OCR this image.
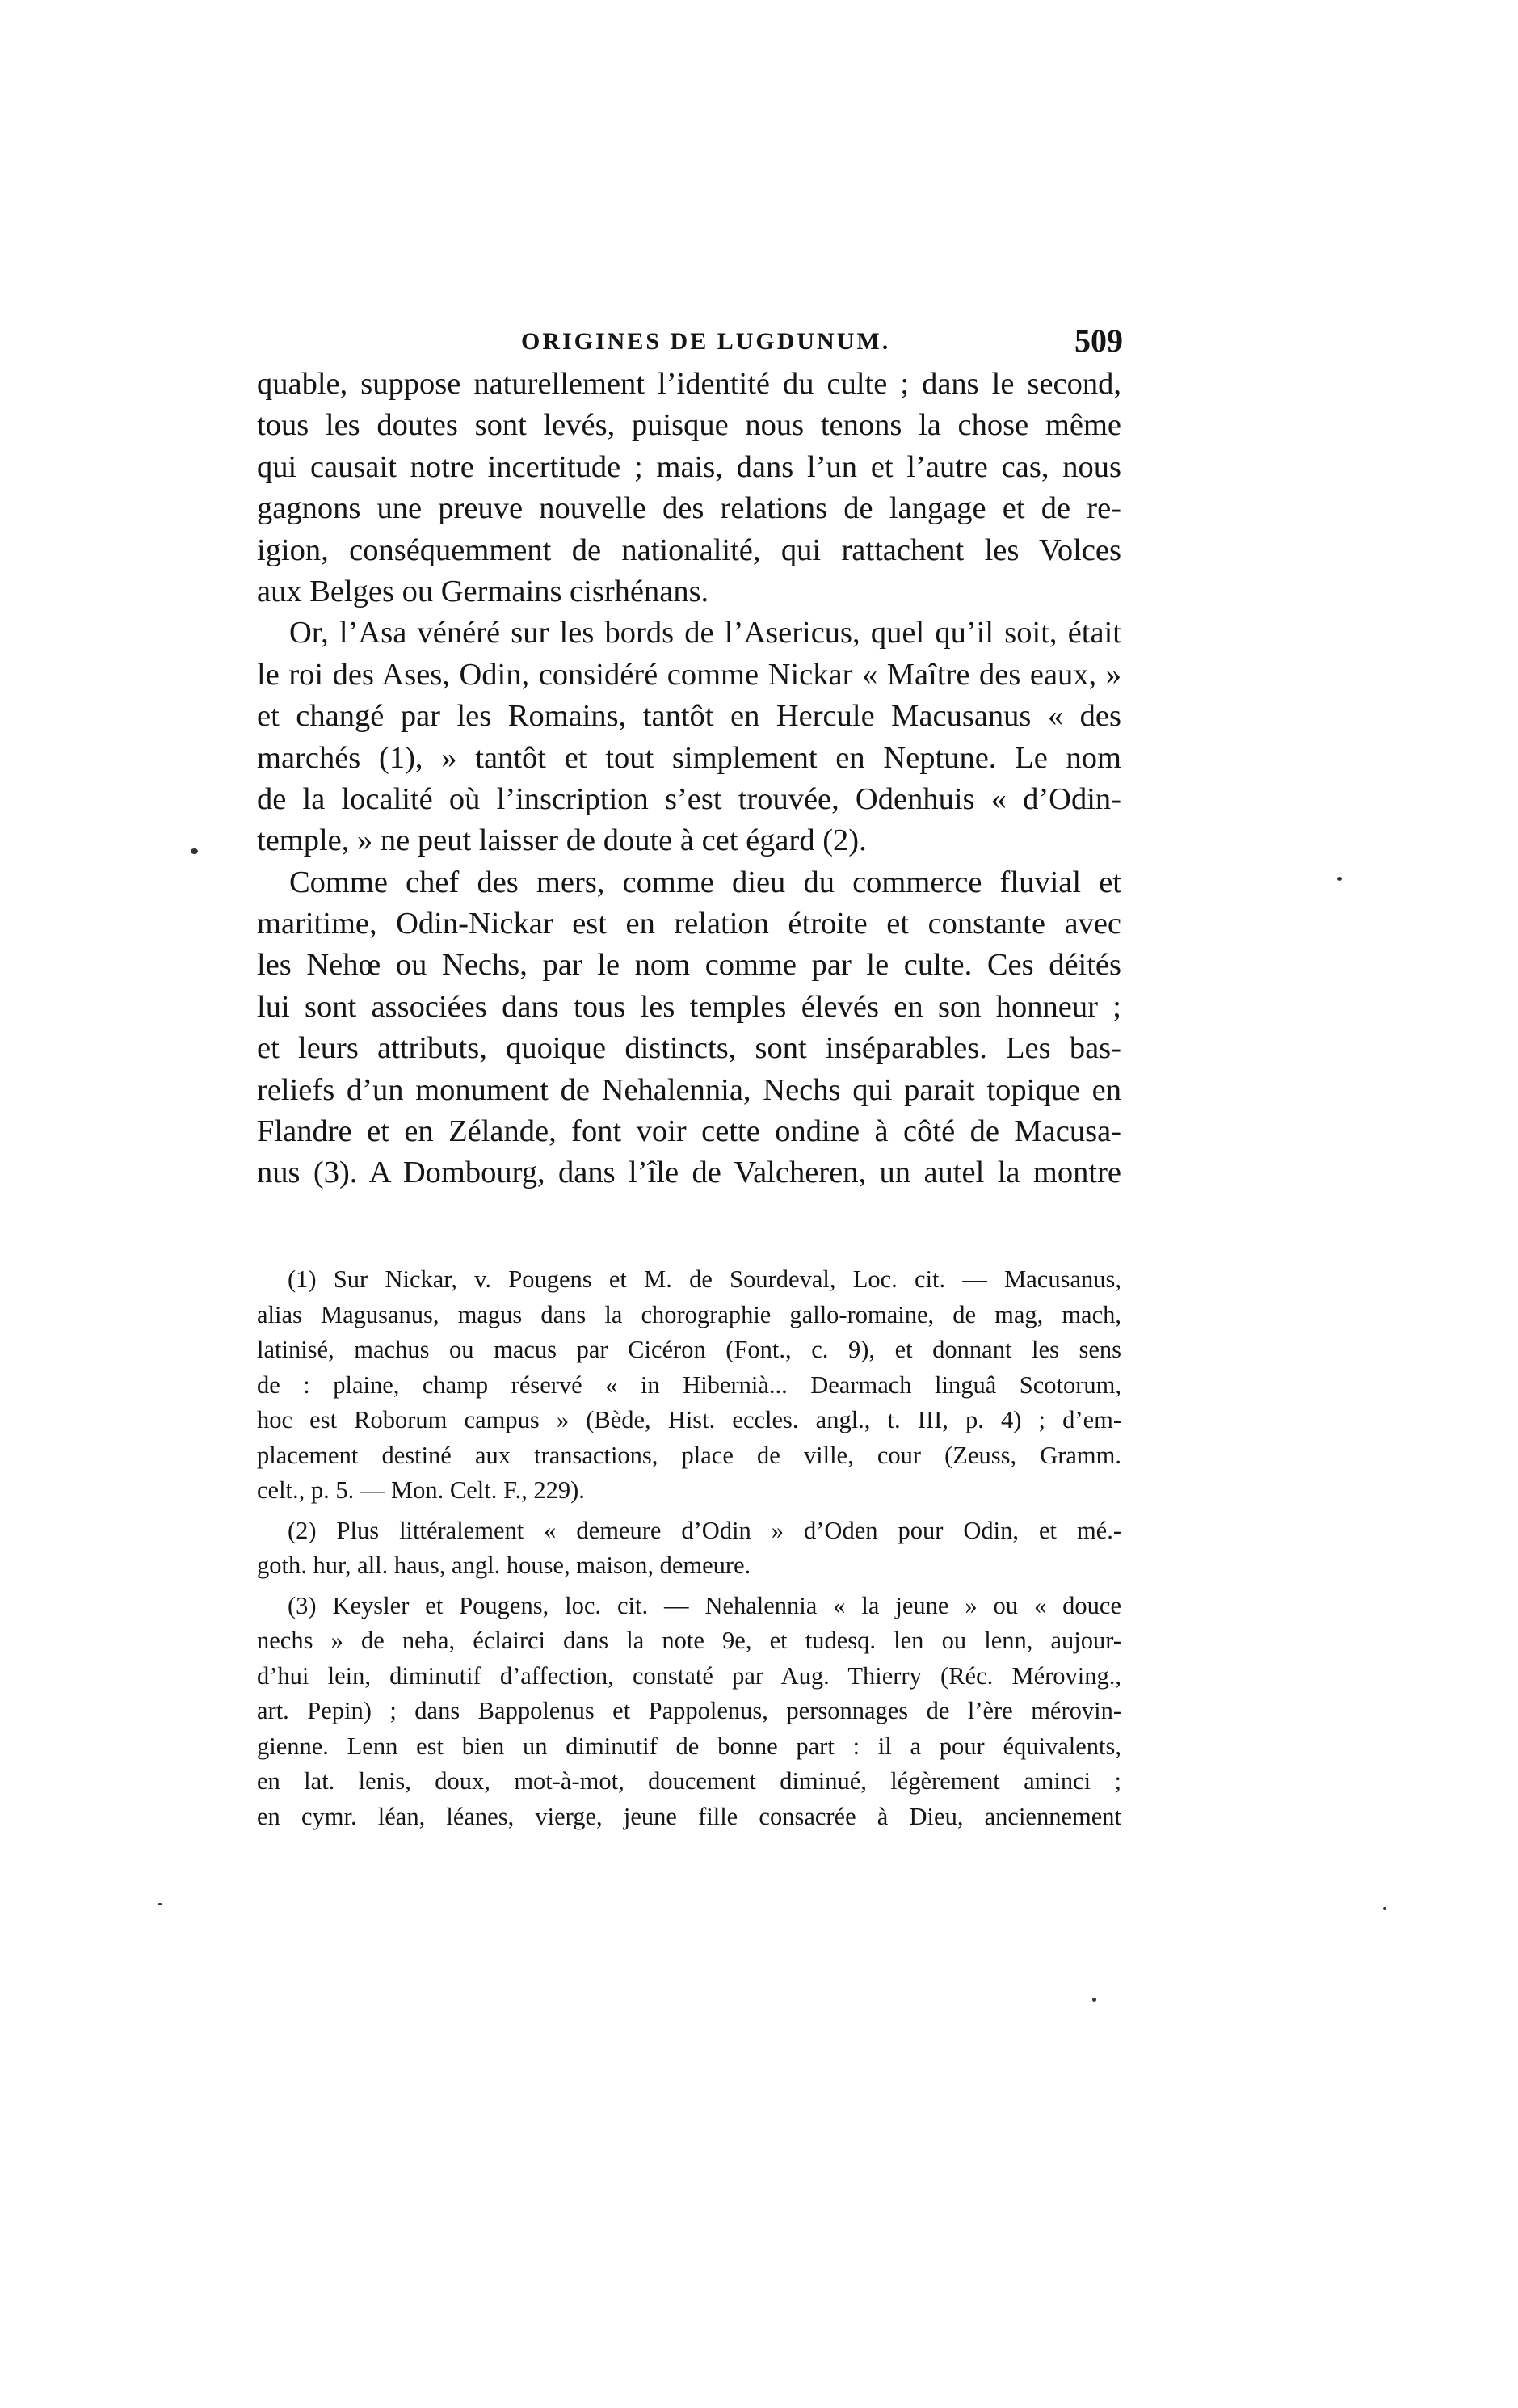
ORIGINES DE LUGDUNUM.	509
quable, suppose naturellement l’identité du culte ; dans le second,
tous les doutes sont levés, puisque nous tenons la chose même
qui causait notre incertitude ; mais, dans l’un et l’autre cas, nous
gagnons une preuve nouvelle des relations de langage et de re-
igion, conséquemment de nationalité, qui rattachent les Volces
aux Belges ou Germains cisrhénans.
Or, l’Asa vénéré sur les bords de l’Asericus, quel qu’il soit, était
le roi des Ases, Odin, considéré comme Nickar « Maître des eaux, »
et changé par les Romains, tantôt en Hercule Macusanus « des
marchés (1), » tantôt et tout simplement en Neptune. Le nom
de la localité où l’inscription s’est trouvée, Odenhuis « d’Odin-
temple, » ne peut laisser de doute à cet égard (2).
Comme chef des mers, comme dieu du commerce fluvial et
maritime, Odin-Nickar est en relation étroite et constante avec
les Nehœ ou Nechs, par le nom comme par le culte. Ces déités
lui sont associées dans tous les temples élevés en son honneur ;
et leurs attributs, quoique distincts, sont inséparables. Les bas-
reliefs d’un monument de Nehalennia, Nechs qui parait topique en
Flandre et en Zélande, font voir cette ondine à côté de Macusa-
nus (3). A Dombourg, dans l’île de Valcheren, un autel la montre
(1) Sur Nickar, v. Pougens et M. de Sourdeval, Loc. cit. — Macusanus,
alias Magusanus, magus dans la chorographie gallo-romaine, de mag, mach,
latinisé, machus ou macus par Cicéron (Font., c. 9), et donnant les sens
de : plaine, champ réservé « in Hibernià... Dearmach linguâ Scotorum,
hoc est Roborum campus » (Bède, Hist. eccles. angl., t. III, p. 4) ; d’em-
placement destiné aux transactions, place de ville, cour (Zeuss, Gramm.
celt., p. 5. — Mon. Celt. F., 229).
(2) Plus littéralement « demeure d’Odin » d’Oden pour Odin, et mé.-
goth. hur, all. haus, angl. house, maison, demeure.
(3) Keysler et Pougens, loc. cit. — Nehalennia « la jeune » ou « douce
nechs » de neha, éclairci dans la note 9e, et tudesq. len ou lenn, aujour-
d’hui lein, diminutif d’affection, constaté par Aug. Thierry (Réc. Méroving.,
art. Pepin) ; dans Bappolenus et Pappolenus, personnages de l’ère mérovin-
gienne. Lenn est bien un diminutif de bonne part : il a pour équivalents,
en lat. lenis, doux, mot-à-mot, doucement diminué, légèrement aminci ;
en cymr. léan, léanes, vierge, jeune fille consacrée à Dieu, anciennement
